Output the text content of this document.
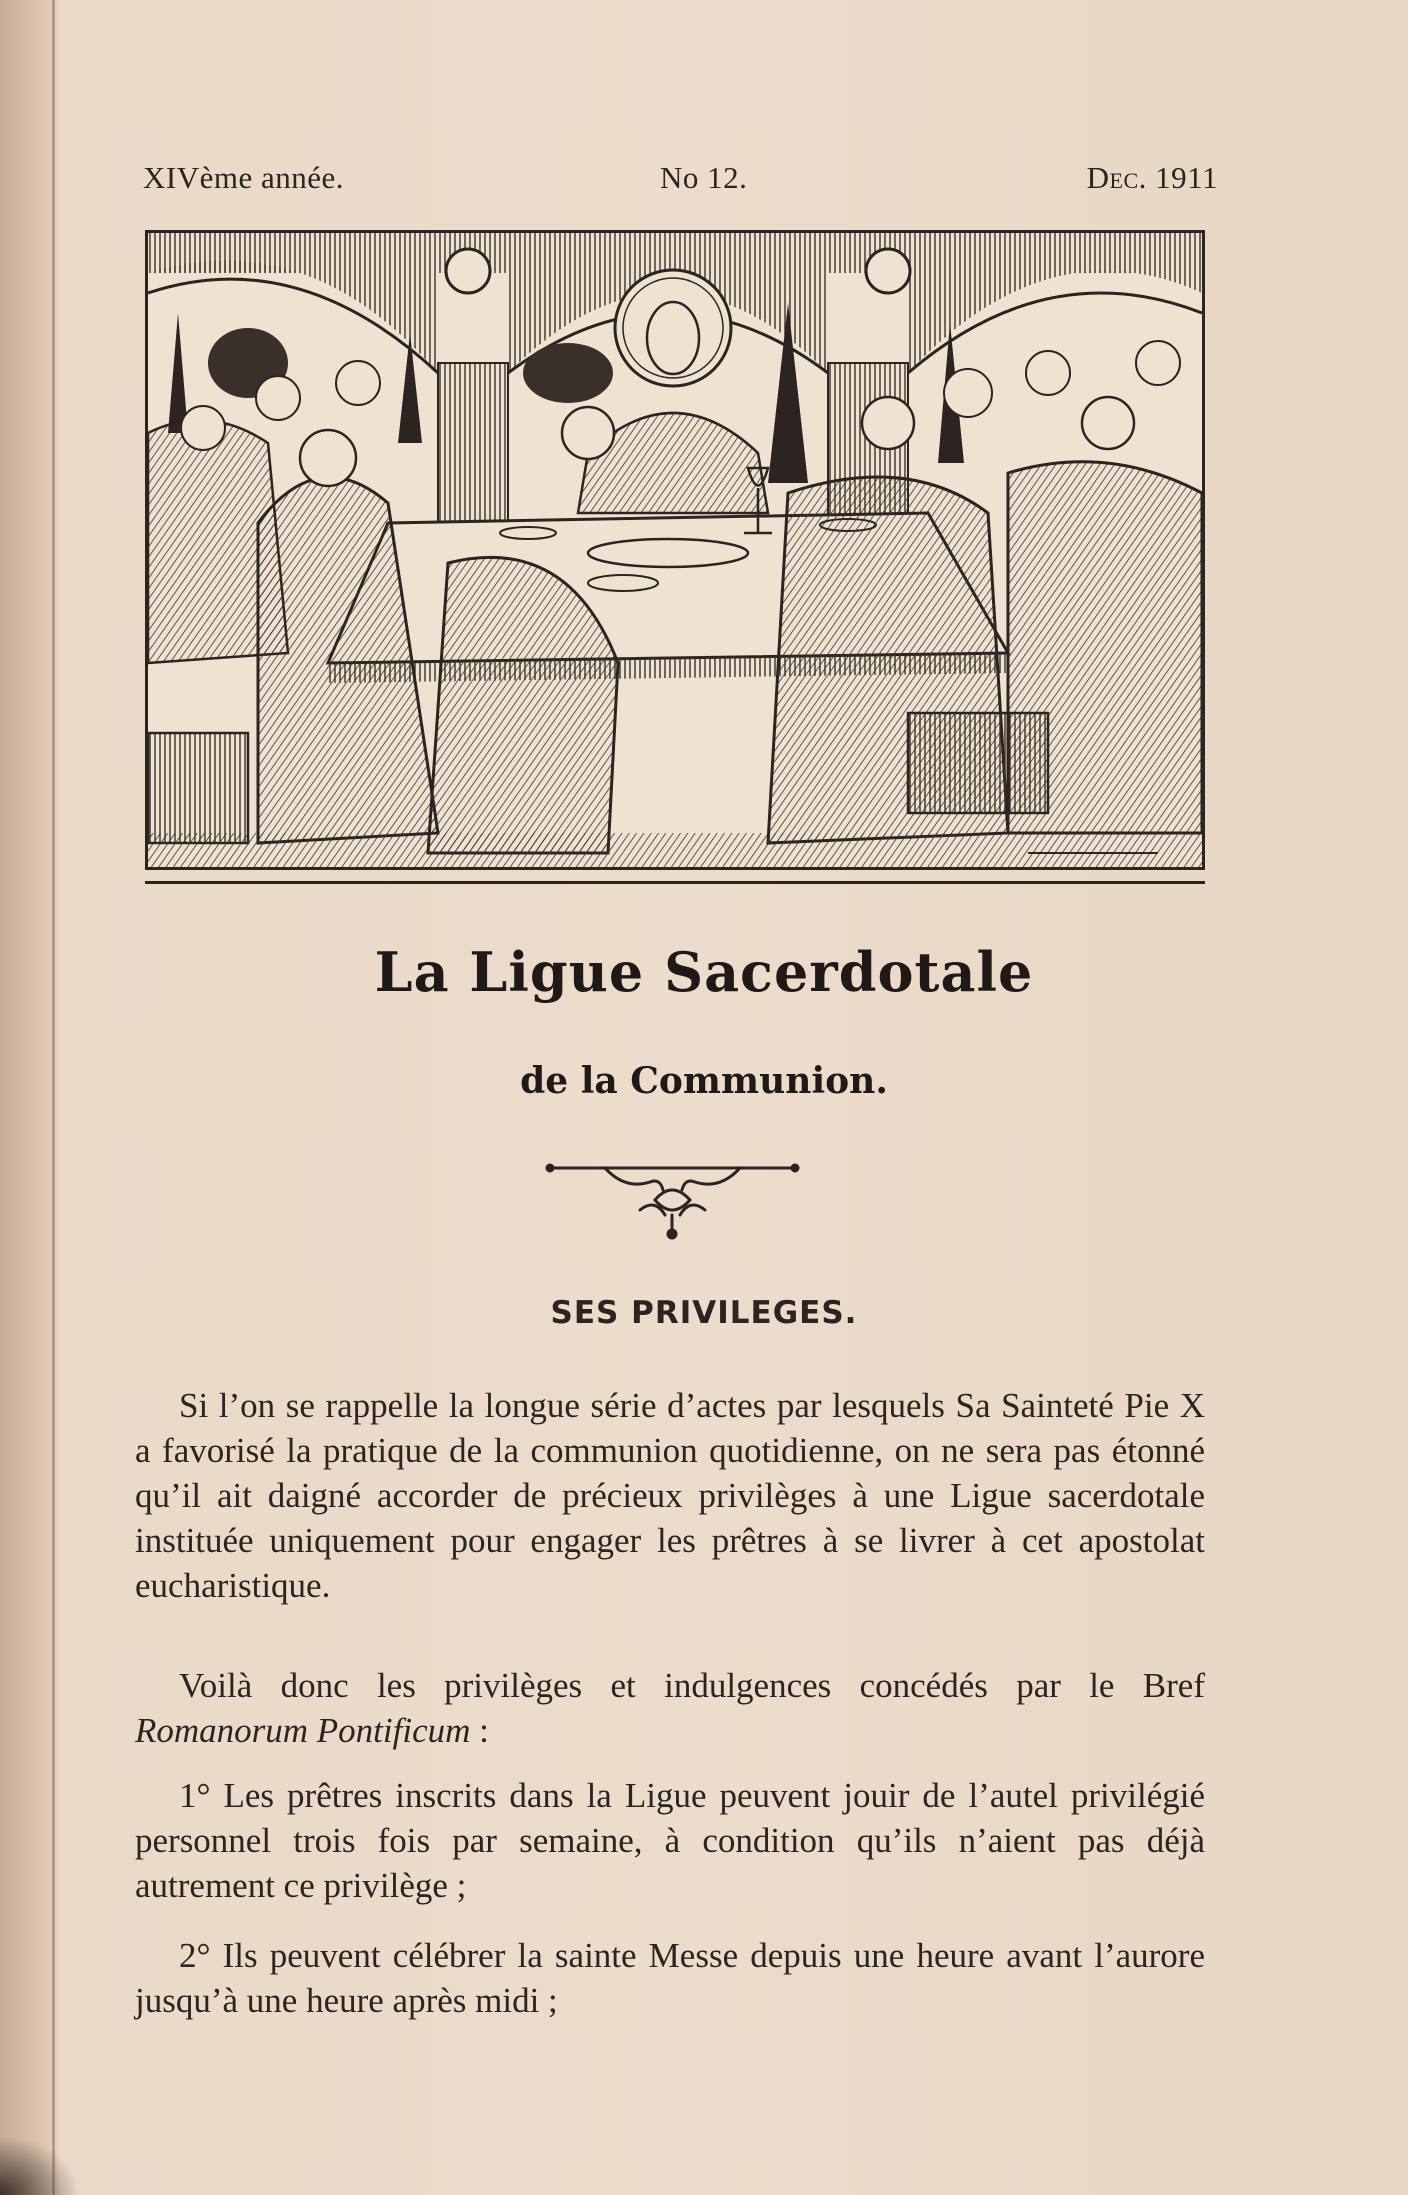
XIVème année.	No 12.	Dec. 1911
La Ligue Sacerdotale
de la Communion.
SES PRIVILEGES.

Si l’on se rappelle la longue série d’actes par lesquels Sa Sainteté Pie X a favorisé la pratique de la communion quotidienne, on ne sera pas étonné qu’il ait daigné accorder de précieux privilèges à une Ligue sacerdotale instituée uniquement pour engager les prêtres à se livrer à cet apostolat eucharistique.

Voilà donc les privilèges et indulgences concédés par le Bref Romanorum Pontificum :

1° Les prêtres inscrits dans la Ligue peuvent jouir de l’autel privilégié personnel trois fois par semaine, à condition qu’ils n’aient pas déjà autrement ce privilège ;

2° Ils peuvent célébrer la sainte Messe depuis une heure avant l’aurore jusqu’à une heure après midi ;
